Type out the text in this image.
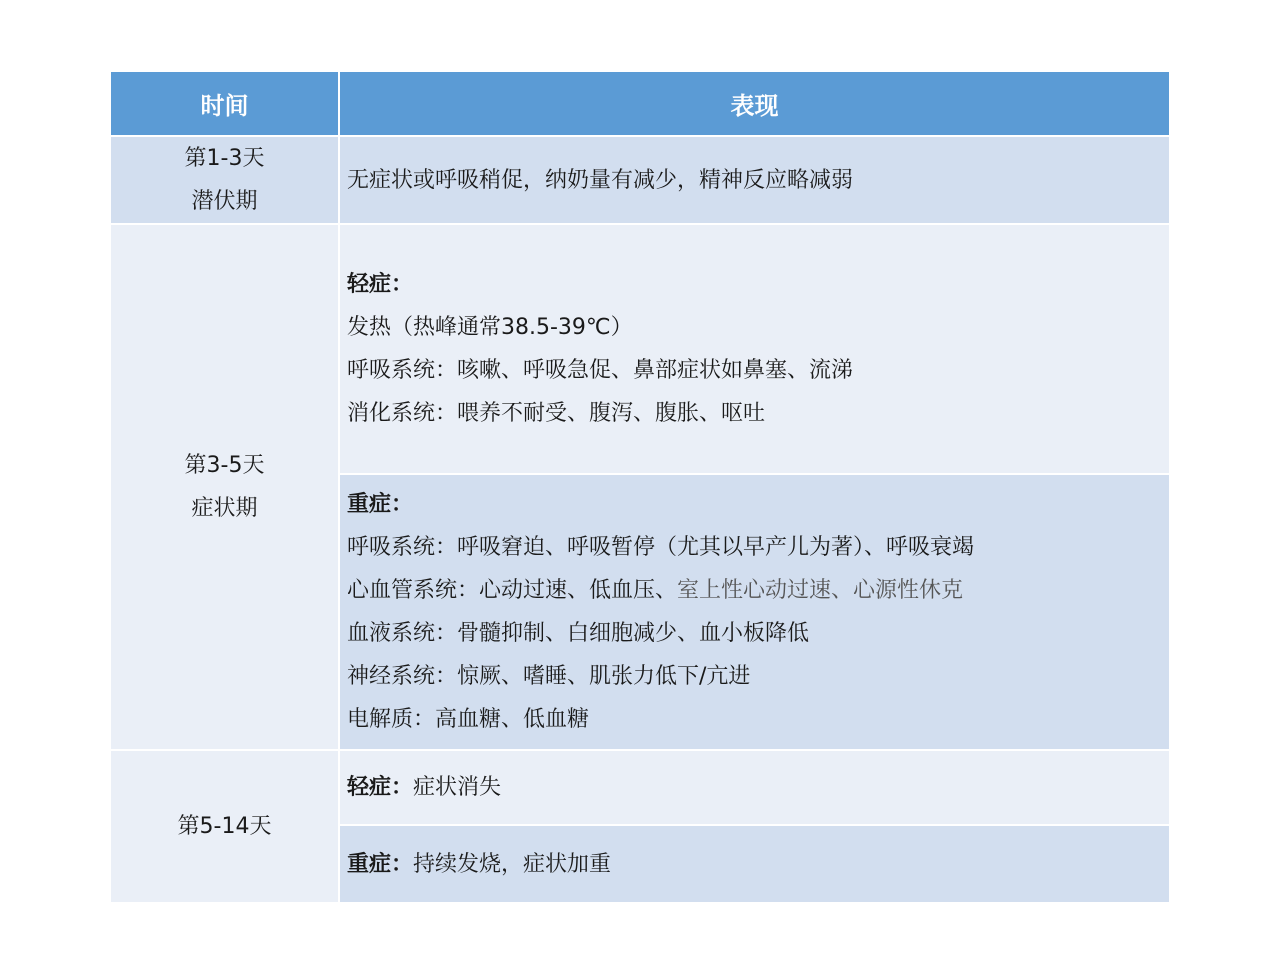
时间	表现
第1-3天
潜伏期
无症状或呼吸稍促，纳奶量有减少，精神反应略减弱
第3-5天
症状期
轻症：
发热（热峰通常38.5-39℃）
呼吸系统：咳嗽、呼吸急促、鼻部症状如鼻塞、流涕
消化系统：喂养不耐受、腹泻、腹胀、呕吐
重症：
呼吸系统：呼吸窘迫、呼吸暂停（尤其以早产儿为著）、呼吸衰竭
心血管系统：心动过速、低血压、室上性心动过速、心源性休克
血液系统：骨髓抑制、白细胞减少、血小板降低
神经系统：惊厥、嗜睡、肌张力低下/亢进
电解质：高血糖、低血糖
第5-14天
轻症： 症状消失
重症： 持续发烧，症状加重
